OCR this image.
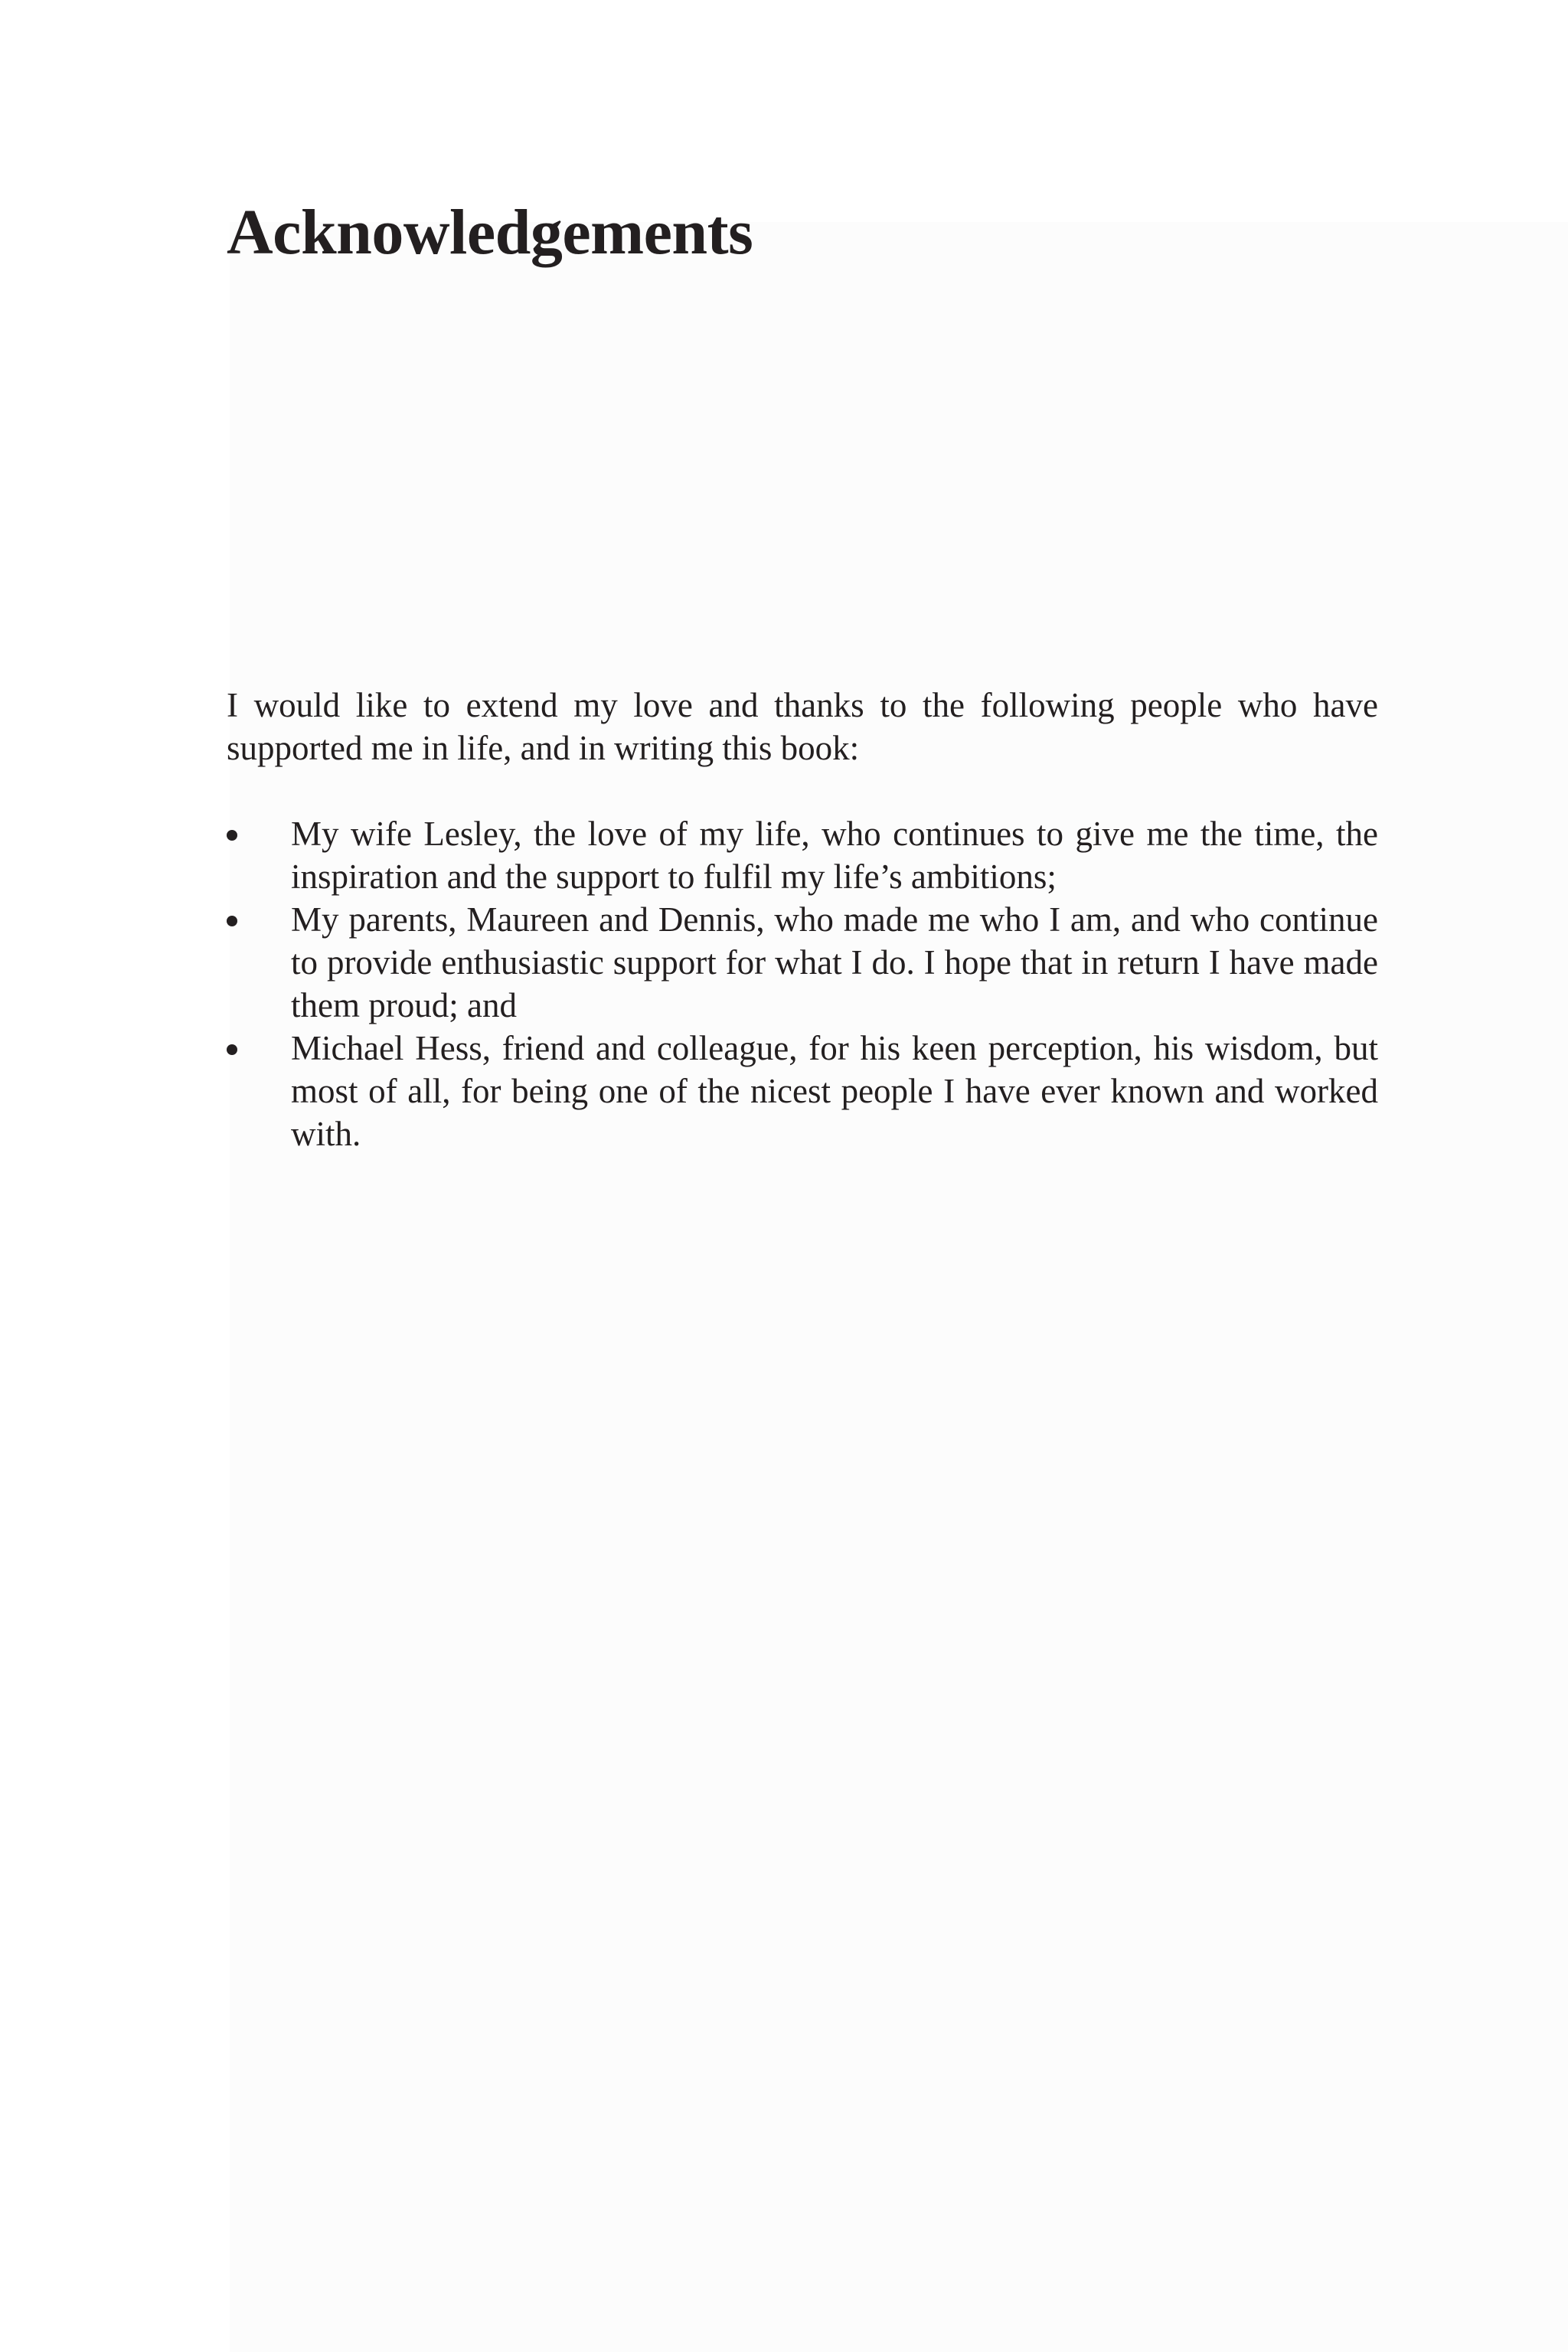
Acknowledgements

I would like to extend my love and thanks to the following people who have supported me in life, and in writing this book:

My wife Lesley, the love of my life, who continues to give me the time, the inspiration and the support to fulfil my life’s ambitions;
My parents, Maureen and Dennis, who made me who I am, and who continue to provide enthusiastic support for what I do. I hope that in return I have made them proud; and
Michael Hess, friend and colleague, for his keen perception, his wisdom, but most of all, for being one of the nicest people I have ever known and worked with.
